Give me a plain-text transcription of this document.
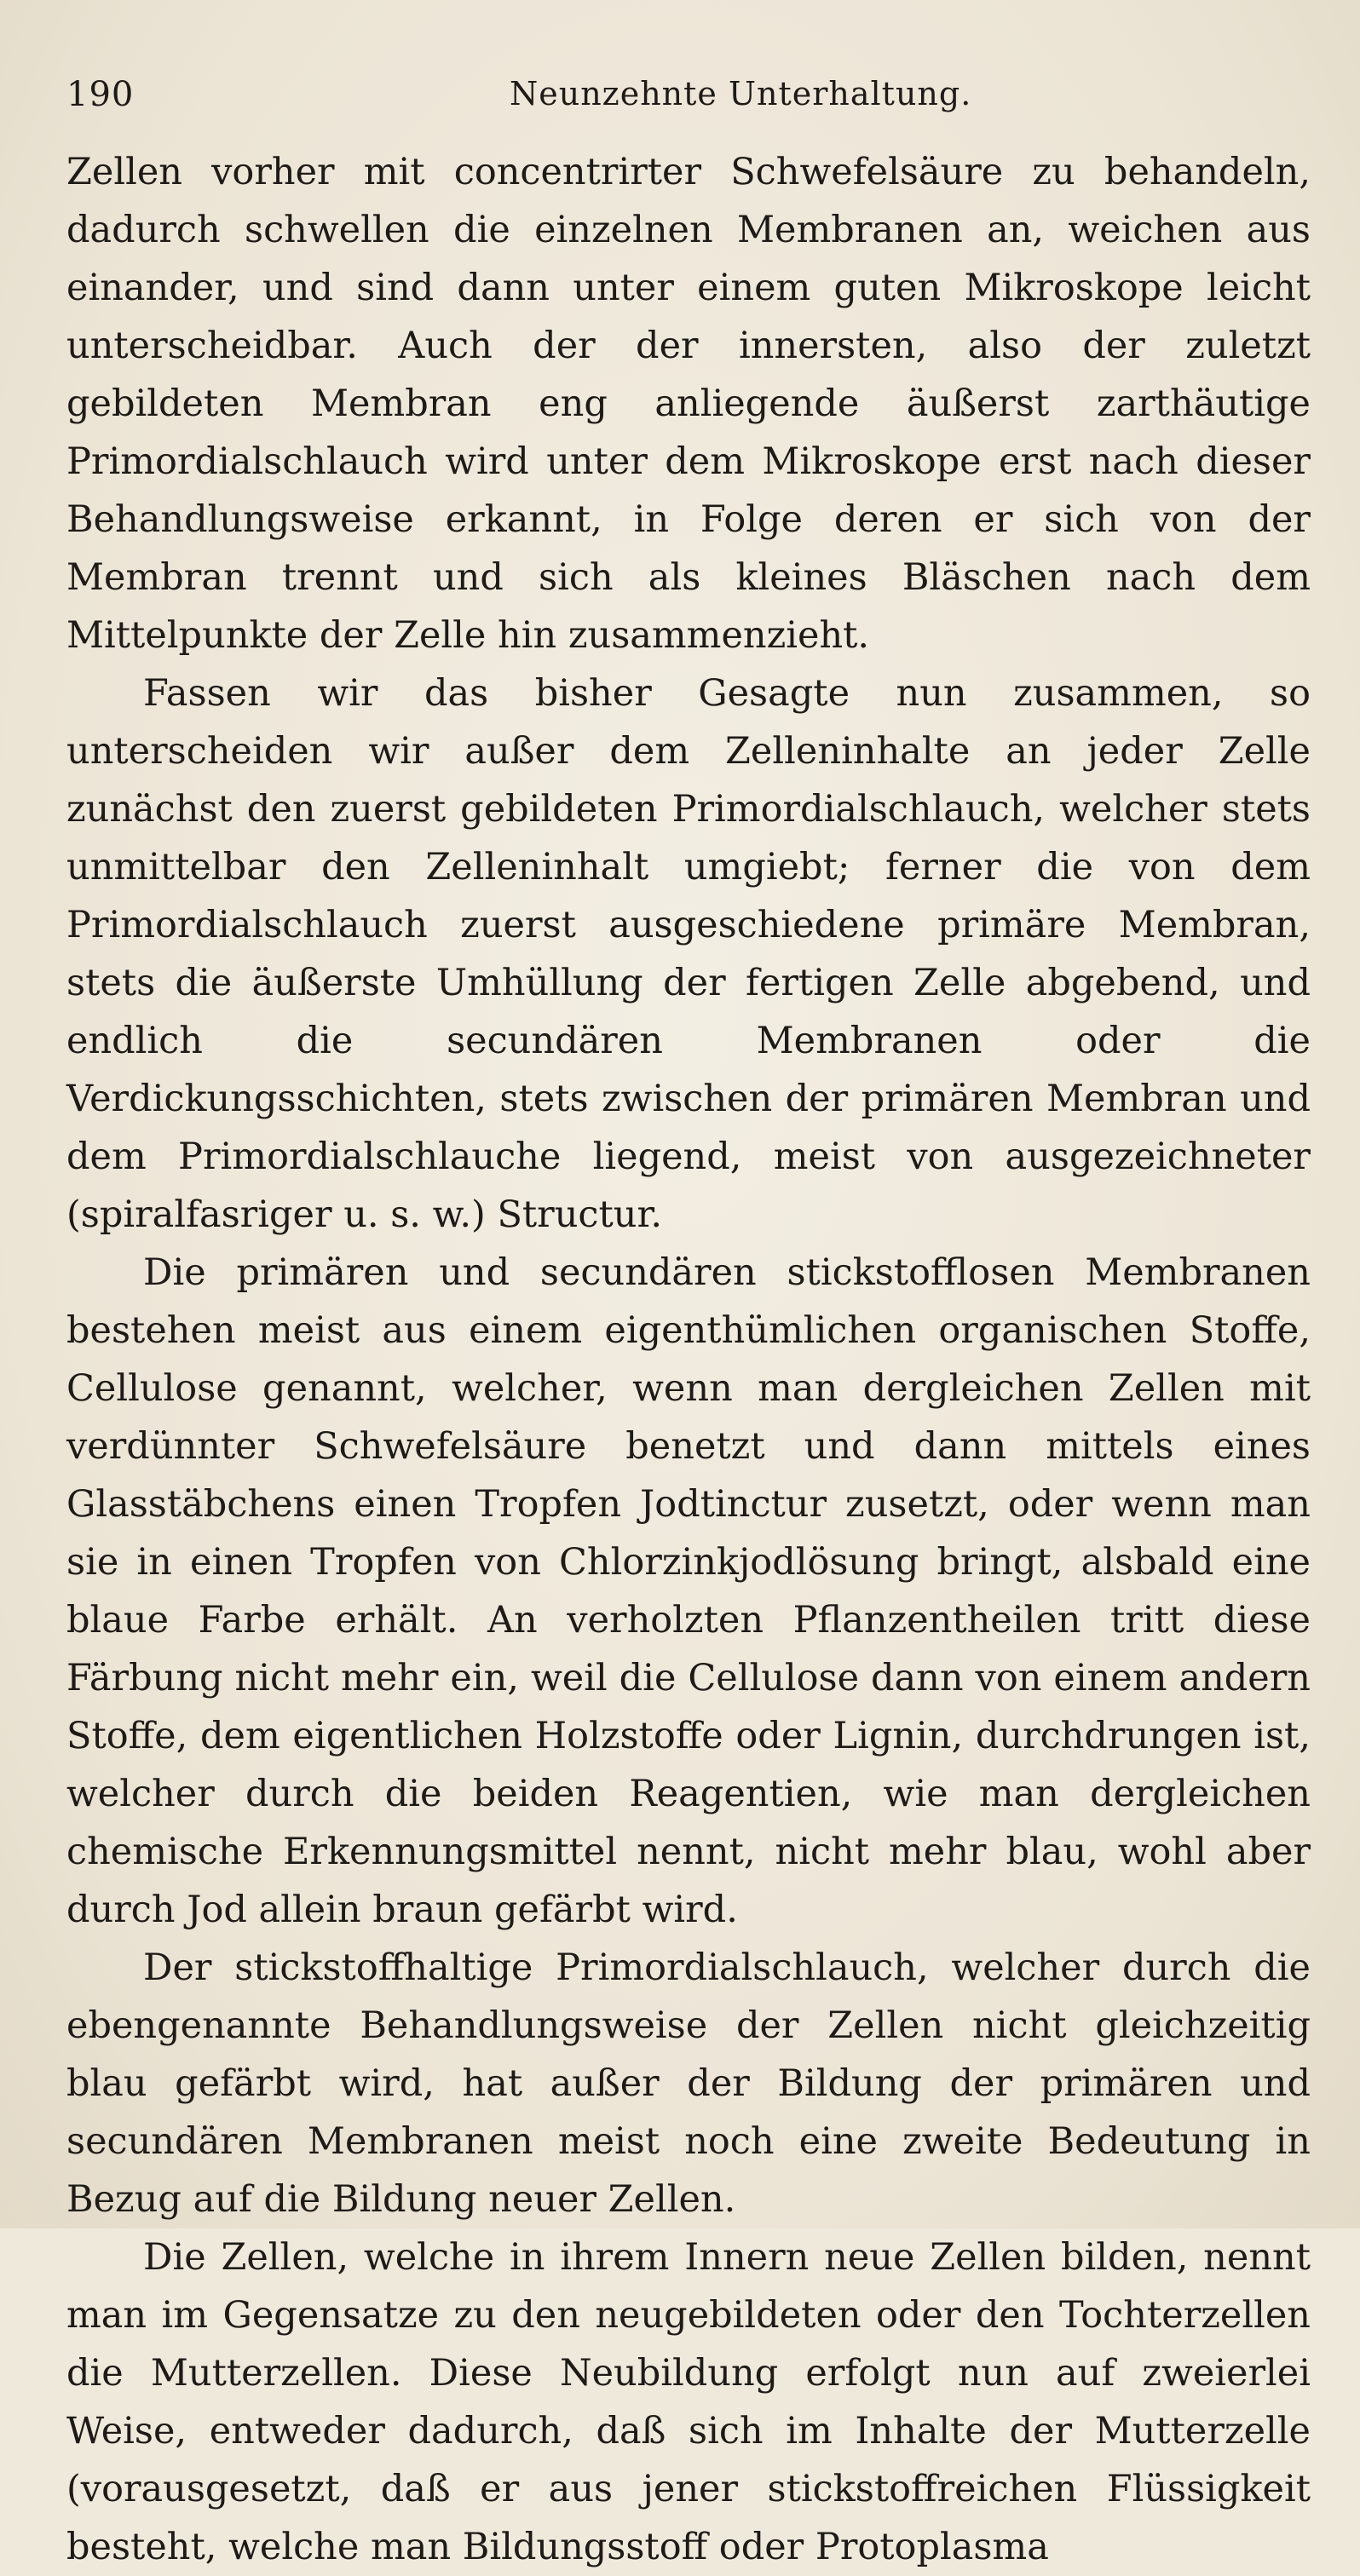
190	Neunzehnte Unterhaltung.

Zellen vorher mit concentrirter Schwefelsäure zu behandeln, dadurch schwellen die einzelnen Membranen an, weichen aus einander, und sind dann unter einem guten Mikroskope leicht unterscheidbar. Auch der der innersten, also der zuletzt gebildeten Membran eng anliegende äußerst zarthäutige Primordialschlauch wird unter dem Mikroskope erst nach dieser Behandlungsweise erkannt, in Folge deren er sich von der Membran trennt und sich als kleines Bläschen nach dem Mittelpunkte der Zelle hin zusammenzieht.

Fassen wir das bisher Gesagte nun zusammen, so unterscheiden wir außer dem Zelleninhalte an jeder Zelle zunächst den zuerst gebildeten Primordialschlauch, welcher stets unmittelbar den Zelleninhalt umgiebt; ferner die von dem Primordialschlauch zuerst ausgeschiedene primäre Membran, stets die äußerste Umhüllung der fertigen Zelle abgebend, und endlich die secundären Membranen oder die Verdickungsschichten, stets zwischen der primären Membran und dem Primordialschlauche liegend, meist von ausgezeichneter (spiralfasriger u. s. w.) Structur.

Die primären und secundären stickstofflosen Membranen bestehen meist aus einem eigenthümlichen organischen Stoffe, Cellulose genannt, welcher, wenn man dergleichen Zellen mit verdünnter Schwefelsäure benetzt und dann mittels eines Glasstäbchens einen Tropfen Jodtinctur zusetzt, oder wenn man sie in einen Tropfen von Chlorzinkjodlösung bringt, alsbald eine blaue Farbe erhält. An verholzten Pflanzentheilen tritt diese Färbung nicht mehr ein, weil die Cellulose dann von einem andern Stoffe, dem eigentlichen Holzstoffe oder Lignin, durchdrungen ist, welcher durch die beiden Reagentien, wie man dergleichen chemische Erkennungsmittel nennt, nicht mehr blau, wohl aber durch Jod allein braun gefärbt wird.

Der stickstoffhaltige Primordialschlauch, welcher durch die ebengenannte Behandlungsweise der Zellen nicht gleichzeitig blau gefärbt wird, hat außer der Bildung der primären und secundären Membranen meist noch eine zweite Bedeutung in Bezug auf die Bildung neuer Zellen.

Die Zellen, welche in ihrem Innern neue Zellen bilden, nennt man im Gegensatze zu den neugebildeten oder den Tochterzellen die Mutterzellen. Diese Neubildung erfolgt nun auf zweierlei Weise, entweder dadurch, daß sich im Inhalte der Mutterzelle (vorausgesetzt, daß er aus jener stickstoffreichen Flüssigkeit besteht, welche man Bildungsstoff oder Protoplasma
